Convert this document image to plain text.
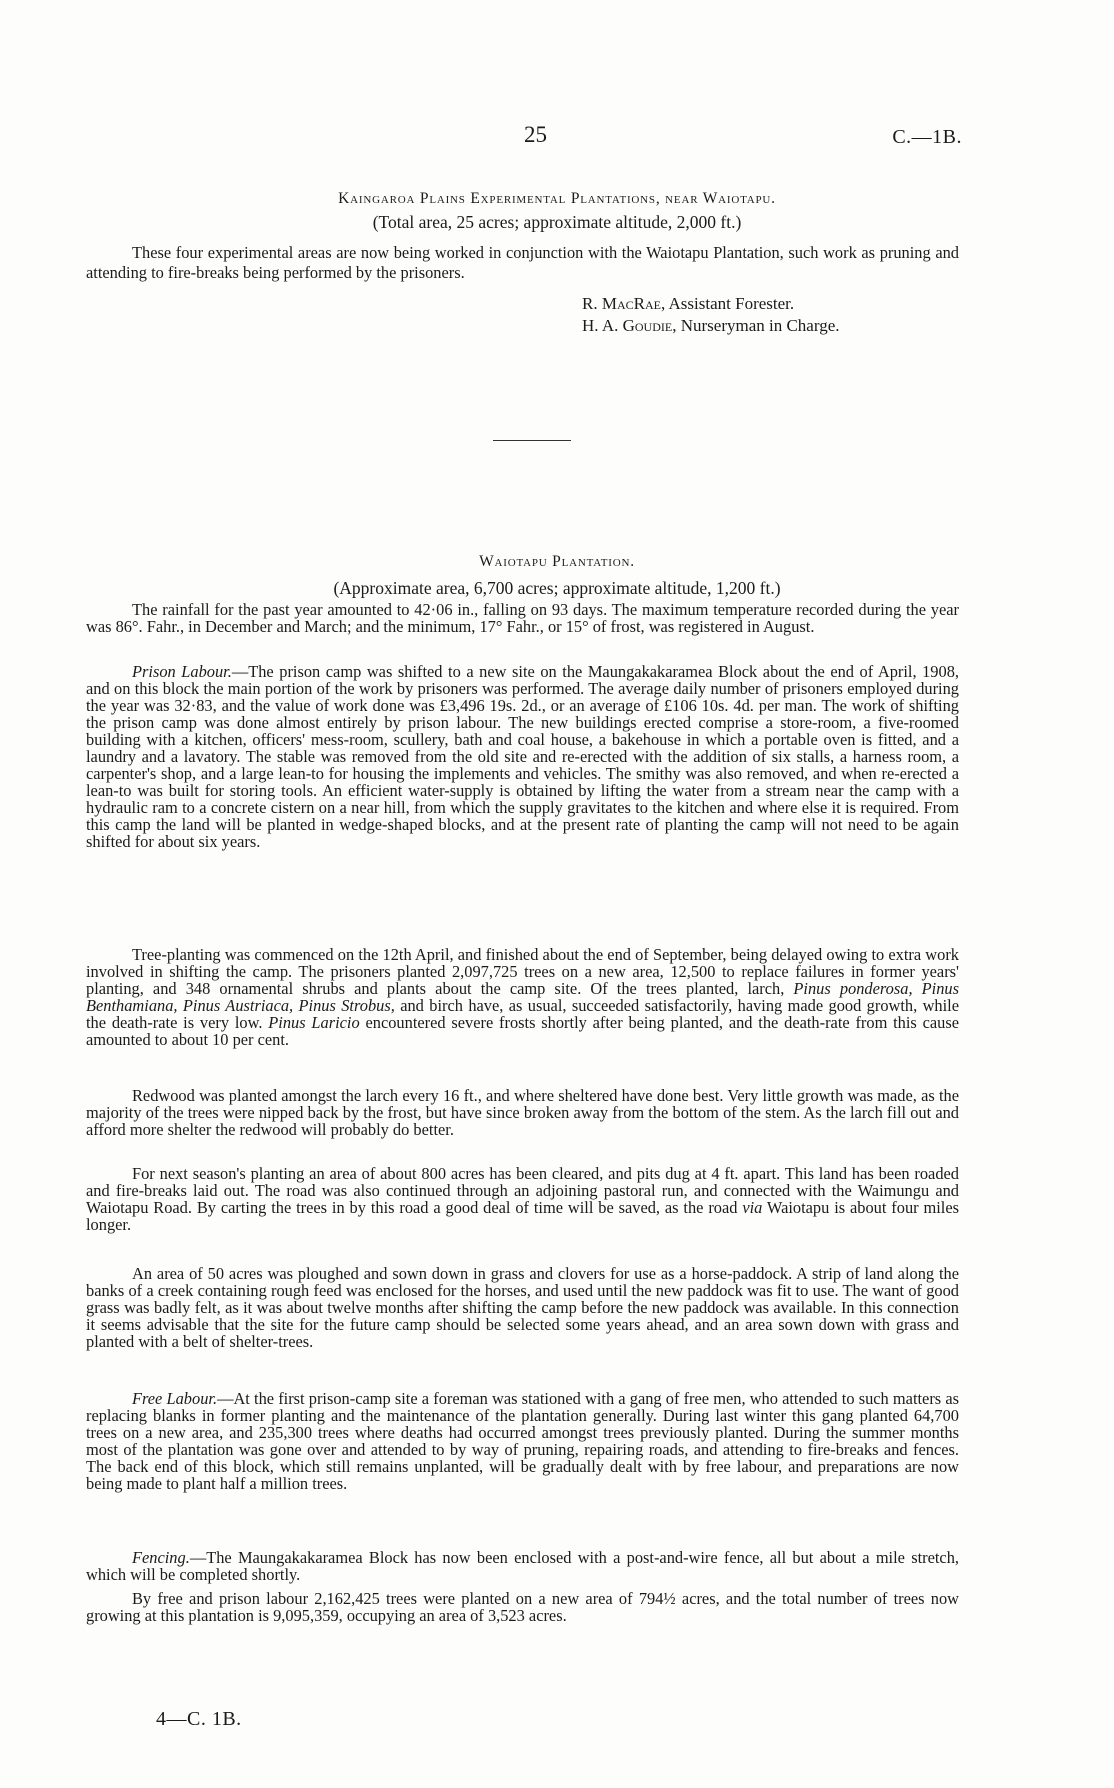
25	C.—1B.
Kaingaroa Plains Experimental Plantations, near Waiotapu.
(Total area, 25 acres; approximate altitude, 2,000 ft.)

These four experimental areas are now being worked in conjunction with the Waiotapu Plantation, such work as pruning and attending to fire-breaks being performed by the prisoners.

R. MacRae, Assistant Forester.
H. A. Goudie, Nurseryman in Charge.
Waiotapu Plantation.
(Approximate area, 6,700 acres; approximate altitude, 1,200 ft.)

The rainfall for the past year amounted to 42·06 in., falling on 93 days. The maximum temperature recorded during the year was 86°. Fahr., in December and March; and the minimum, 17° Fahr., or 15° of frost, was registered in August.

Prison Labour.—The prison camp was shifted to a new site on the Maungakakaramea Block about the end of April, 1908, and on this block the main portion of the work by prisoners was performed. The average daily number of prisoners employed during the year was 32·83, and the value of work done was £3,496 19s. 2d., or an average of £106 10s. 4d. per man. The work of shifting the prison camp was done almost entirely by prison labour. The new buildings erected comprise a store-room, a five-roomed building with a kitchen, officers' mess-room, scullery, bath and coal house, a bakehouse in which a portable oven is fitted, and a laundry and a lavatory. The stable was removed from the old site and re-erected with the addition of six stalls, a harness room, a carpenter's shop, and a large lean-to for housing the implements and vehicles. The smithy was also removed, and when re-erected a lean-to was built for storing tools. An efficient water-supply is obtained by lifting the water from a stream near the camp with a hydraulic ram to a concrete cistern on a near hill, from which the supply gravitates to the kitchen and where else it is required. From this camp the land will be planted in wedge-shaped blocks, and at the present rate of planting the camp will not need to be again shifted for about six years.

Tree-planting was commenced on the 12th April, and finished about the end of September, being delayed owing to extra work involved in shifting the camp. The prisoners planted 2,097,725 trees on a new area, 12,500 to replace failures in former years' planting, and 348 ornamental shrubs and plants about the camp site. Of the trees planted, larch, Pinus ponderosa, Pinus Benthamiana, Pinus Austriaca, Pinus Strobus, and birch have, as usual, succeeded satisfactorily, having made good growth, while the death-rate is very low. Pinus Laricio encountered severe frosts shortly after being planted, and the death-rate from this cause amounted to about 10 per cent.

Redwood was planted amongst the larch every 16 ft., and where sheltered have done best. Very little growth was made, as the majority of the trees were nipped back by the frost, but have since broken away from the bottom of the stem. As the larch fill out and afford more shelter the redwood will probably do better.

For next season's planting an area of about 800 acres has been cleared, and pits dug at 4 ft. apart. This land has been roaded and fire-breaks laid out. The road was also continued through an adjoining pastoral run, and connected with the Waimungu and Waiotapu Road. By carting the trees in by this road a good deal of time will be saved, as the road via Waiotapu is about four miles longer.

An area of 50 acres was ploughed and sown down in grass and clovers for use as a horse-paddock. A strip of land along the banks of a creek containing rough feed was enclosed for the horses, and used until the new paddock was fit to use. The want of good grass was badly felt, as it was about twelve months after shifting the camp before the new paddock was available. In this connection it seems advisable that the site for the future camp should be selected some years ahead, and an area sown down with grass and planted with a belt of shelter-trees.

Free Labour.—At the first prison-camp site a foreman was stationed with a gang of free men, who attended to such matters as replacing blanks in former planting and the maintenance of the plantation generally. During last winter this gang planted 64,700 trees on a new area, and 235,300 trees where deaths had occurred amongst trees previously planted. During the summer months most of the plantation was gone over and attended to by way of pruning, repairing roads, and attending to fire-breaks and fences. The back end of this block, which still remains unplanted, will be gradually dealt with by free labour, and preparations are now being made to plant half a million trees.

Fencing.—The Maungakakaramea Block has now been enclosed with a post-and-wire fence, all but about a mile stretch, which will be completed shortly.

By free and prison labour 2,162,425 trees were planted on a new area of 794½ acres, and the total number of trees now growing at this plantation is 9,095,359, occupying an area of 3,523 acres.

4—C. 1B.
